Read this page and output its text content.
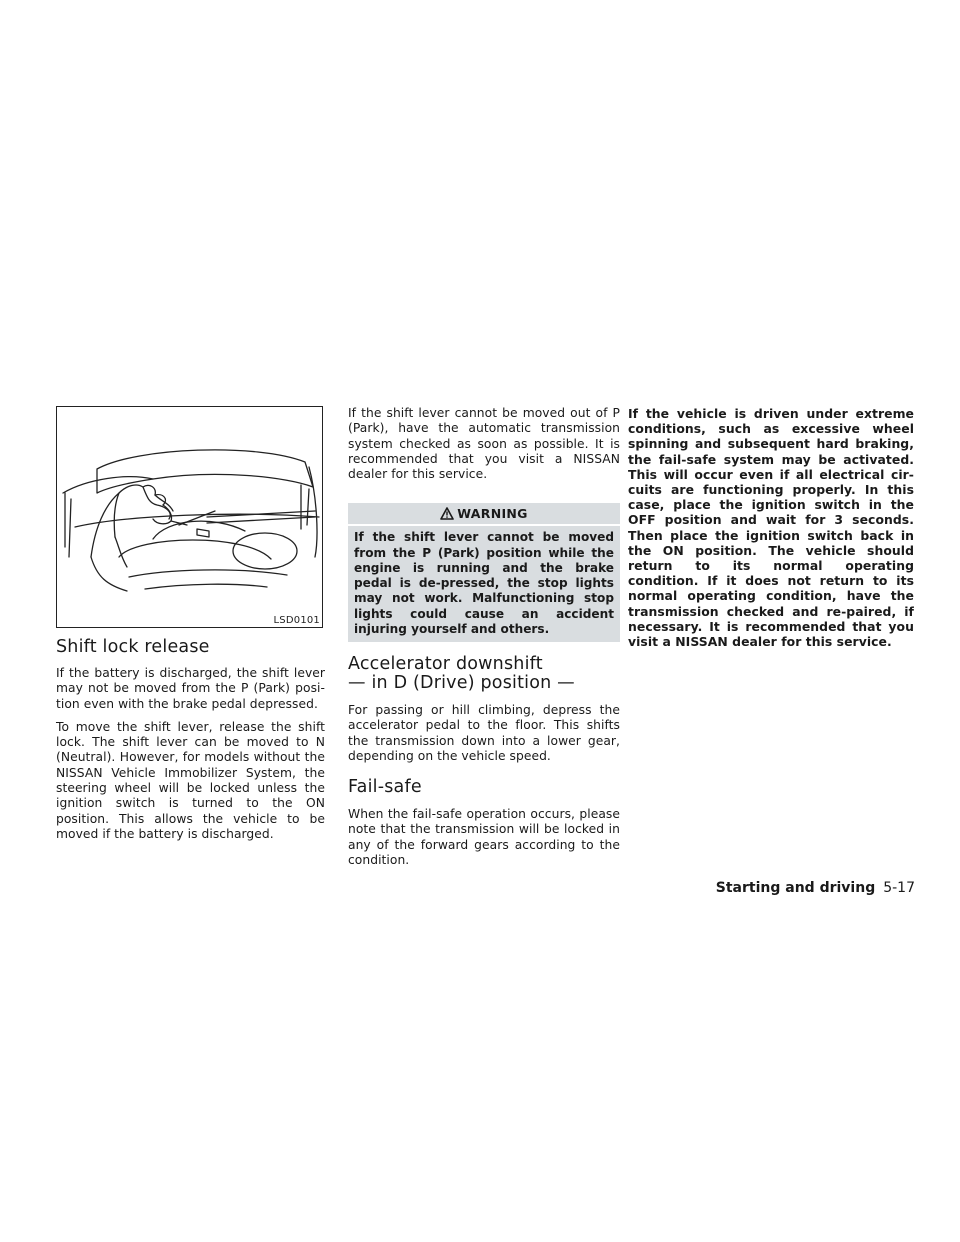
LSD0101
Shift lock release

If the battery is discharged, the shift lever may not be moved from the P (Park) posi-tion even with the brake pedal depressed.

To move the shift lever, release the shift lock. The shift lever can be moved to N (Neutral). However, for models without the NISSAN Vehicle Immobilizer System, the steering wheel will be locked unless the ignition switch is turned to the ON position. This allows the vehicle to be moved if the battery is discharged.

If the shift lever cannot be moved out of P (Park), have the automatic transmission system checked as soon as possible. It is recommended that you visit a NISSAN dealer for this service.

WARNING
If the shift lever cannot be moved from the P (Park) position while the engine is running and the brake pedal is de-pressed, the stop lights may not work. Malfunctioning stop lights could cause an accident injuring yourself and others.
Accelerator downshift
— in D (Drive) position —

For passing or hill climbing, depress the accelerator pedal to the floor. This shifts the transmission down into a lower gear, depending on the vehicle speed.

Fail-safe

When the fail-safe operation occurs, please note that the transmission will be locked in any of the forward gears according to the condition.

If the vehicle is driven under extreme conditions, such as excessive wheel spinning and subsequent hard braking, the fail-safe system may be activated. This will occur even if all electrical cir-cuits are functioning properly. In this case, place the ignition switch in the OFF position and wait for 3 seconds. Then place the ignition switch back in the ON position. The vehicle should return to its normal operating condition. If it does not return to its normal operating condition, have the transmission checked and re-paired, if necessary. It is recommended that you visit a NISSAN dealer for this service.

Starting and driving 5-17
